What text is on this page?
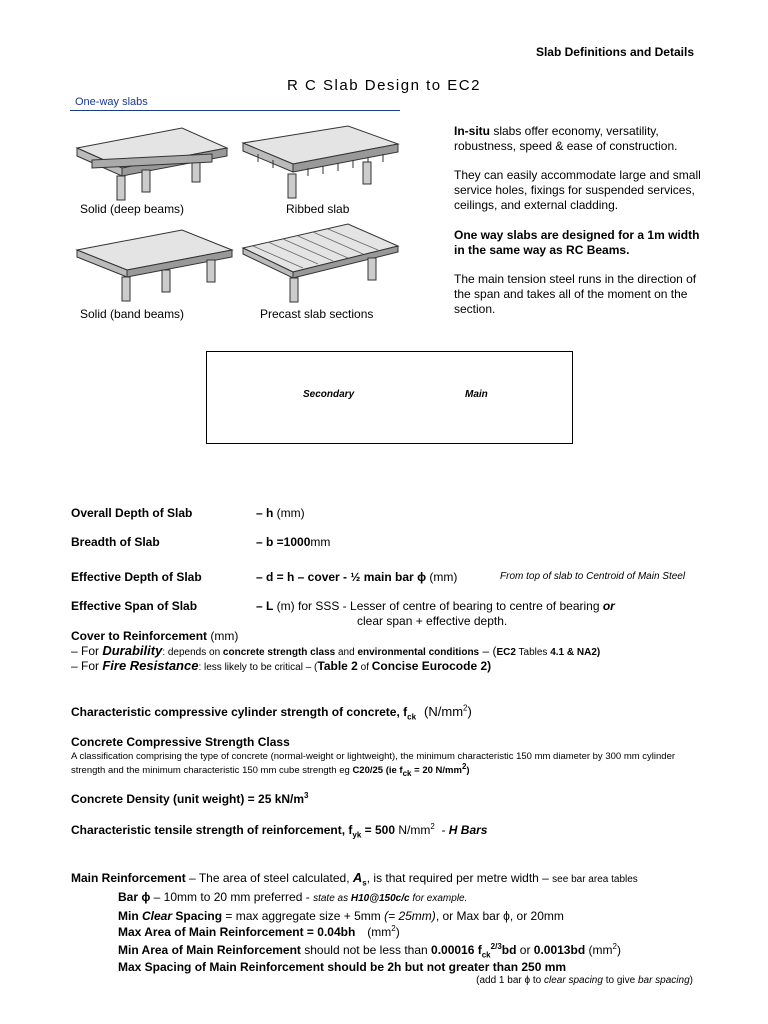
Slab Definitions and Details
R C Slab Design to EC2
One-way slabs
Solid (deep beams)	Ribbed slab
Solid (band beams)	Precast slab sections
In-situ slabs offer economy, versatility, robustness, speed & ease of construction.
They can easily accommodate large and small service holes, fixings for suspended services, ceilings, and external cladding.
One way slabs are designed for a 1m width in the same way as RC Beams.
The main tension steel runs in the direction of the span and takes all of the moment on the section.
Secondary	Main
Overall Depth of Slab	– h (mm)
Breadth of Slab	– b =1000mm
Effective Depth of Slab	– d = h – cover - ½ main bar ϕ (mm)	From top of slab to Centroid of Main Steel
Effective Span of Slab	– L (m) for SSS - Lesser of centre of bearing to centre of bearing or
clear span + effective depth.
Cover to Reinforcement (mm)
– For Durability: depends on concrete strength class and environmental conditions – (EC2 Tables 4.1 & NA2)
– For Fire Resistance: less likely to be critical – (Table 2 of Concise Eurocode 2)
Characteristic compressive cylinder strength of concrete, $f_{ck}$ $(N/mm^2)$
Concrete Compressive Strength Class
A classification comprising the type of concrete (normal-weight or lightweight), the minimum characteristic 150 mm diameter by 300 mm cylinder strength and the minimum characteristic 150 mm cube strength eg C20/25 (ie $f_{ck} = 20$ $N/mm^2$)
Concrete Density (unit weight) = 25 $kN/m^3$
Characteristic tensile strength of reinforcement, $f_{yk} = 500$ $N/mm^2$  - H Bars
Main Reinforcement – The area of steel calculated, $A_s$, is that required per metre width – see bar area tables
Bar ϕ – 10mm to 20 mm preferred - state as H10@150c/c for example.
Min Clear Spacing = max aggregate size + 5mm (= 25mm), or Max bar ϕ, or 20mm
Max Area of Main Reinforcement = 0.04bh $(mm^2)$
Min Area of Main Reinforcement should not be less than 0.00016 $f_{ck}^{2/3}bd$ or 0.0013bd $(mm^2)$
Max Spacing of Main Reinforcement should be 2h but not greater than 250 mm
(add 1 bar ϕ to clear spacing to give bar spacing)
